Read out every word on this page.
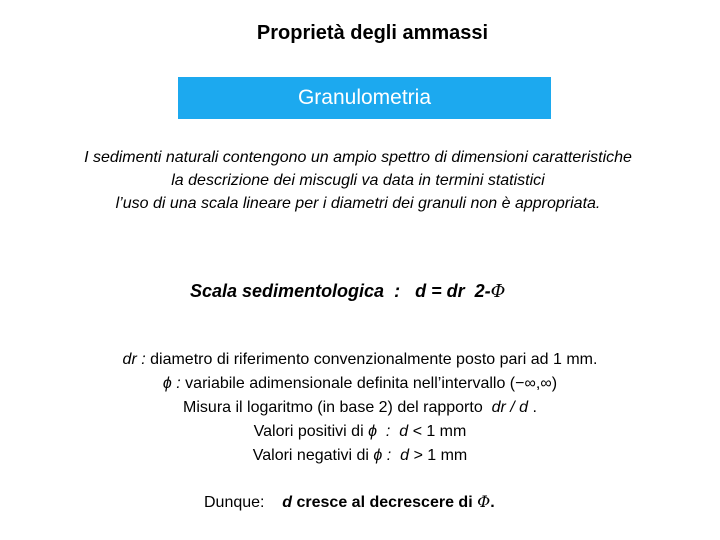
Proprietà degli ammassi
Granulometria
I sedimenti naturali contengono un ampio spettro di dimensioni caratteristiche
la descrizione dei miscugli va data in termini statistici
l’uso di una scala lineare per i diametri dei granuli non è appropriata.
Scala sedimentologica  : d = dr  2-Φ
dr : diametro di riferimento convenzionalmente posto pari ad 1 mm.
ϕ : variabile adimensionale definita nell’intervallo (−∞,∞)
Misura il logaritmo (in base 2) del rapporto  dr / d .
Valori positivi di ϕ  :  d < 1 mm
Valori negativi di ϕ :  d > 1 mm
Dunque: d cresce al decrescere di Φ.
